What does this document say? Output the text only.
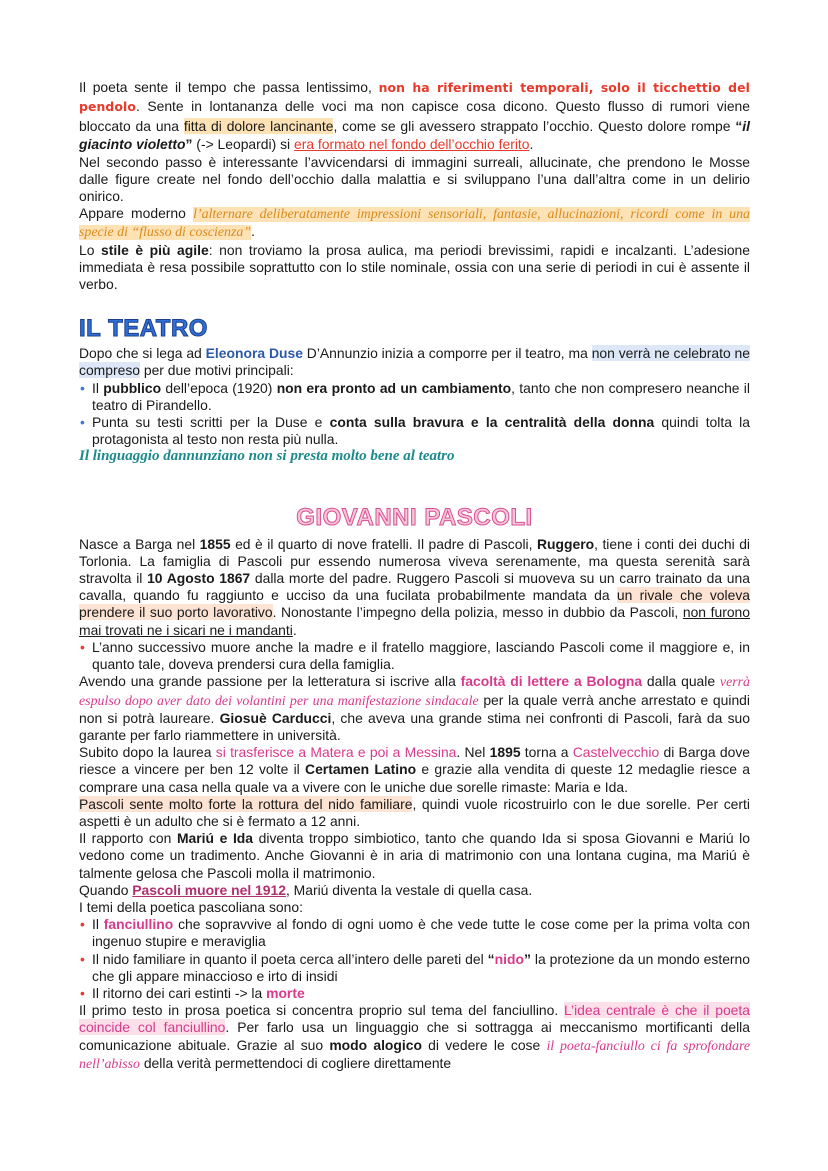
Il poeta sente il tempo che passa lentissimo, non ha riferimenti temporali, solo il ticchettio del pendolo. Sente in lontananza delle voci ma non capisce cosa dicono. Questo flusso di rumori viene bloccato da una fitta di dolore lancinante, come se gli avessero strappato l’occhio. Questo dolore rompe “il giacinto violetto” (-> Leopardi) si era formato nel fondo dell’occhio ferito.

Nel secondo passo è interessante l’avvicendarsi di immagini surreali, allucinate, che prendono le Mosse dalle figure create nel fondo dell’occhio dalla malattia e si sviluppano l’una dall’altra come in un delirio onirico.

Appare moderno l’alternare deliberatamente impressioni sensoriali, fantasie, allucinazioni, ricordi come in una specie di “flusso di coscienza”.

Lo stile è più agile: non troviamo la prosa aulica, ma periodi brevissimi, rapidi e incalzanti. L’adesione immediata è resa possibile soprattutto con lo stile nominale, ossia con una serie di periodi in cui è assente il verbo.

IL TEATRO

Dopo che si lega ad Eleonora Duse D’Annunzio inizia a comporre per il teatro, ma non verrà ne celebrato ne compreso per due motivi principali:

• Il pubblico dell’epoca (1920) non era pronto ad un cambiamento, tanto che non compresero neanche il teatro di Pirandello.
• Punta su testi scritti per la Duse e conta sulla bravura e la centralità della donna quindi tolta la protagonista al testo non resta più nulla.

Il linguaggio dannunziano non si presta molto bene al teatro

GIOVANNI PASCOLI

Nasce a Barga nel 1855 ed è il quarto di nove fratelli. Il padre di Pascoli, Ruggero, tiene i conti dei duchi di Torlonia. La famiglia di Pascoli pur essendo numerosa viveva serenamente, ma questa serenità sarà stravolta il 10 Agosto 1867 dalla morte del padre. Ruggero Pascoli si muoveva su un carro trainato da una cavalla, quando fu raggiunto e ucciso da una fucilata probabilmente mandata da un rivale che voleva prendere il suo porto lavorativo. Nonostante l’impegno della polizia, messo in dubbio da Pascoli, non furono mai trovati ne i sicari ne i mandanti.

• L’anno successivo muore anche la madre e il fratello maggiore, lasciando Pascoli come il maggiore e, in quanto tale, doveva prendersi cura della famiglia.

Avendo una grande passione per la letteratura si iscrive alla facoltà di lettere a Bologna dalla quale verrà espulso dopo aver dato dei volantini per una manifestazione sindacale per la quale verrà anche arrestato e quindi non si potrà laureare. Giosuè Carducci, che aveva una grande stima nei confronti di Pascoli, farà da suo garante per farlo riammettere in università.

Subito dopo la laurea si trasferisce a Matera e poi a Messina. Nel 1895 torna a Castelvecchio di Barga dove riesce a vincere per ben 12 volte il Certamen Latino e grazie alla vendita di queste 12 medaglie riesce a comprare una casa nella quale va a vivere con le uniche due sorelle rimaste: Maria e Ida.

Pascoli sente molto forte la rottura del nido familiare, quindi vuole ricostruirlo con le due sorelle. Per certi aspetti è un adulto che si è fermato a 12 anni.

Il rapporto con Mariú e Ida diventa troppo simbiotico, tanto che quando Ida si sposa Giovanni e Mariú lo vedono come un tradimento. Anche Giovanni è in aria di matrimonio con una lontana cugina, ma Mariú è talmente gelosa che Pascoli molla il matrimonio.

Quando Pascoli muore nel 1912, Mariú diventa la vestale di quella casa.

I temi della poetica pascoliana sono:

• Il fanciullino che sopravvive al fondo di ogni uomo è che vede tutte le cose come per la prima volta con ingenuo stupire e meraviglia
• Il nido familiare in quanto il poeta cerca all’intero delle pareti del “nido” la protezione da un mondo esterno che gli appare minaccioso e irto di insidi
• Il ritorno dei cari estinti -> la morte

Il primo testo in prosa poetica si concentra proprio sul tema del fanciullino. L’idea centrale è che il poeta coincide col fanciullino. Per farlo usa un linguaggio che si sottragga ai meccanismo mortificanti della comunicazione abituale. Grazie al suo modo alogico di vedere le cose il poeta-fanciullo ci fa sprofondare nell’abisso della verità permettendoci di cogliere direttamente
